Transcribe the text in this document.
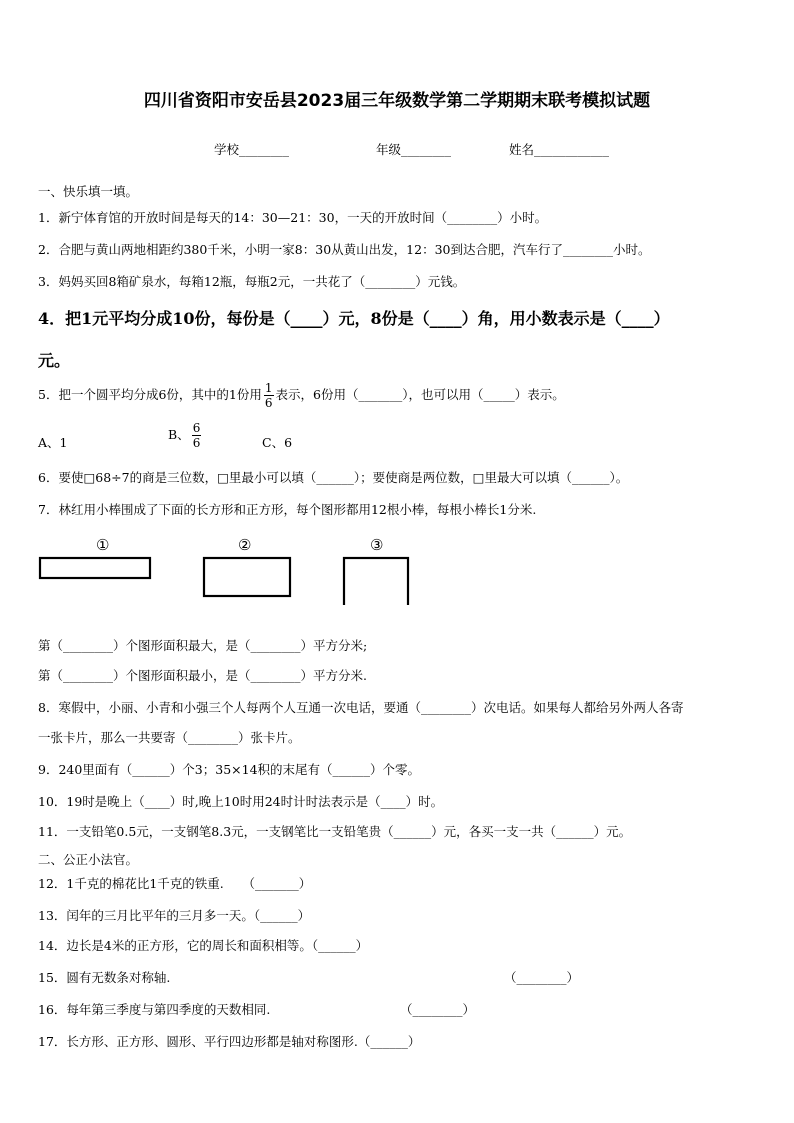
四川省资阳市安岳县2023届三年级数学第二学期期末联考模拟试题
学校________	年级________	姓名____________
一、快乐填一填。
1．新宁体育馆的开放时间是每天的14：30—21：30，一天的开放时间（________）小时。
2．合肥与黄山两地相距约380千米，小明一家8：30从黄山出发，12：30到达合肥，汽车行了________小时。
3．妈妈买回8箱矿泉水，每箱12瓶，每瓶2元，一共花了（________）元钱。
4．把1元平均分成10份，每份是（____）元，8份是（____）角，用小数表示是（____）
元。
5．把一个圆平均分成6份，其中的1份用 $\frac{1}{6}$ 表示，6份用（_______），也可以用（_____）表示。
A、1
B、 $\frac{6}{6}$	C、6
6．要使□68÷7的商是三位数，□里最小可以填（______）；要使商是两位数，□里最大可以填（______）。
7．林红用小棒围成了下面的长方形和正方形，每个图形都用12根小棒，每根小棒长1分米.
①	②	③
第（________）个图形面积最大，是（________）平方分米;
第（________）个图形面积最小，是（________）平方分米.
8．寒假中，小丽、小青和小强三个人每两个人互通一次电话，要通（________）次电话。如果每人都给另外两人各寄
一张卡片，那么一共要寄（________）张卡片。
9．240里面有（______）个3；35×14积的末尾有（______）个零。
10．19时是晚上（____）时,晚上10时用24时计时法表示是（____）时。
11．一支铅笔0.5元，一支钢笔8.3元，一支钢笔比一支铅笔贵（______）元，各买一支一共（______）元。
二、公正小法官。
12．1千克的棉花比1千克的铁重.　　（_______）
13．闰年的三月比平年的三月多一天。（______）
14．边长是4米的正方形，它的周长和面积相等。（______）
15．圆有无数条对称轴.	（________）
16．每年第三季度与第四季度的天数相同.	（________）
17．长方形、正方形、圆形、平行四边形都是轴对称图形.（______）
